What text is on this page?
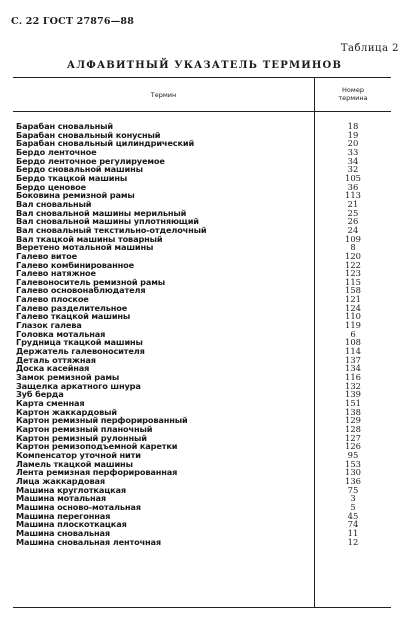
С. 22 ГОСТ 27876—88
Таблица 2
АЛФАВИТНЫЙ УКАЗАТЕЛЬ ТЕРМИНОВ
Термин
Номер
термина
Барабан сновальный	18
Барабан сновальный конусный	19
Барабан сновальный цилиндрический	20
Бердо ленточное	33
Бердо ленточное регулируемое	34
Бердо сновальной машины	32
Бердо ткацкой машины	105
Бердо ценовое	36
Боковина ремизной рамы	113
Вал сновальный	21
Вал сновальной машины мерильный	25
Вал сновальной машины уплотняющий	26
Вал сновальный текстильно-отделочный	24
Вал ткацкой машины товарный	109
Веретено мотальной машины	8
Галево витое	120
Галево комбинированное	122
Галево натяжное	123
Галевоноситель ремизной рамы	115
Галево основонаблюдателя	158
Галево плоское	121
Галево разделительное	124
Галево ткацкой машины	110
Глазок галева	119
Головка мотальная	6
Грудница ткацкой машины	108
Держатель галевоносителя	114
Деталь оттяжная	137
Доска касейная	134
Замок ремизной рамы	116
Защелка аркатного шнура	132
Зуб берда	139
Карта сменная	151
Картон жаккардовый	138
Картон ремизный перфорированный	129
Картон ремизный планочный	128
Картон ремизный рулонный	127
Картон ремизоподъемной каретки	126
Компенсатор уточной нити	95
Ламель ткацкой машины	153
Лента ремизная перфорированная	130
Лица жаккардовая	136
Машина круглоткацкая	75
Машина мотальная	3
Машина осново-мотальная	5
Машина перегонная	45
Машина плоскоткацкая	74
Машина сновальная	11
Машина сновальная ленточная	12
